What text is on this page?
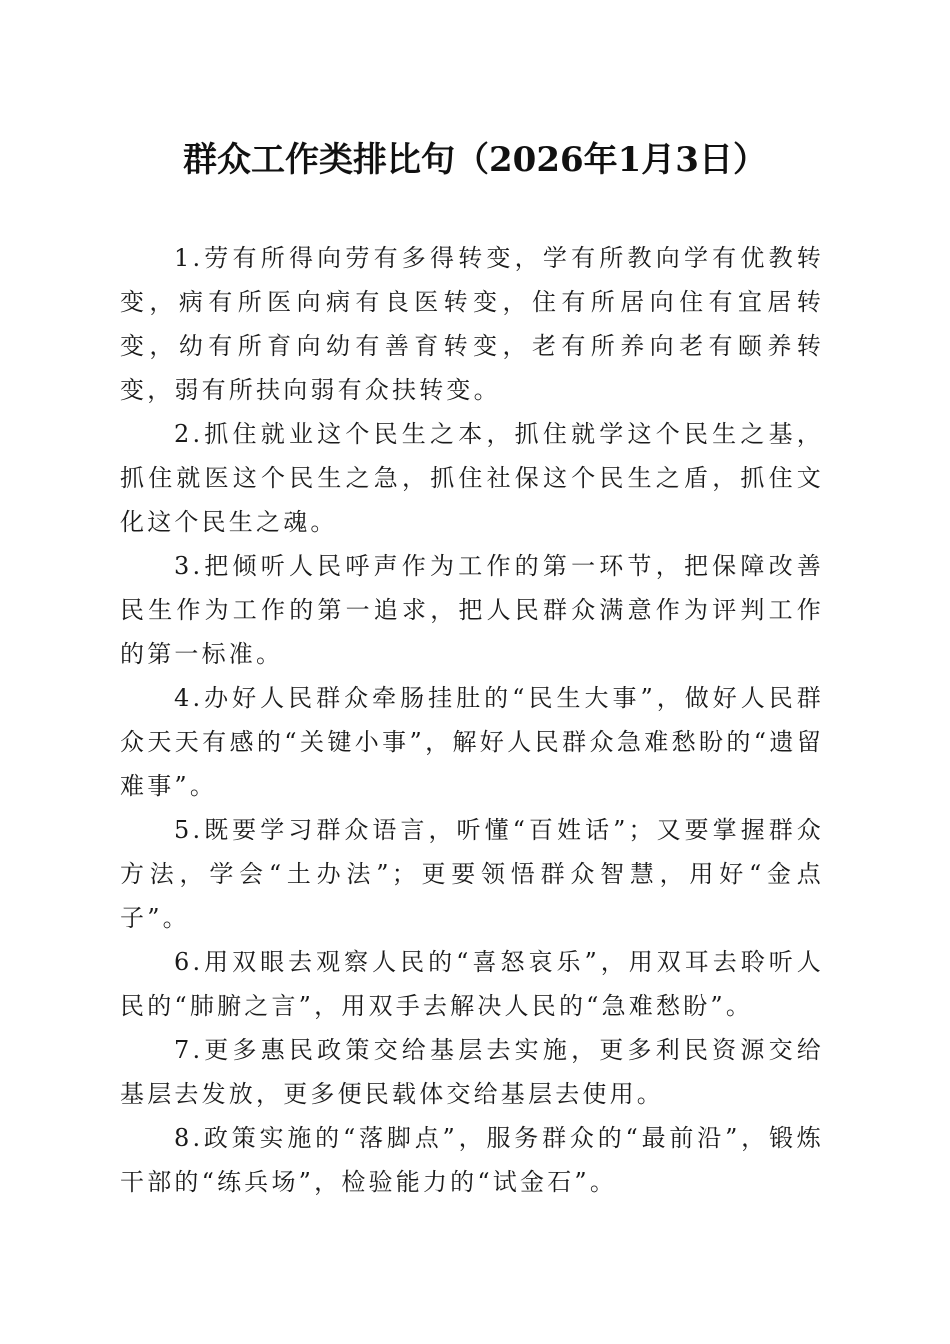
群众工作类排比句（2026年1月3日）

1.劳有所得向劳有多得转变，学有所教向学有优教转变，病有所医向病有良医转变，住有所居向住有宜居转变，幼有所育向幼有善育转变，老有所养向老有颐养转变，弱有所扶向弱有众扶转变。

2.抓住就业这个民生之本，抓住就学这个民生之基，抓住就医这个民生之急，抓住社保这个民生之盾，抓住文化这个民生之魂。

3.把倾听人民呼声作为工作的第一环节，把保障改善民生作为工作的第一追求，把人民群众满意作为评判工作的第一标准。

4.办好人民群众牵肠挂肚的“民生大事”，做好人民群众天天有感的“关键小事”，解好人民群众急难愁盼的“遗留难事”。

5.既要学习群众语言，听懂“百姓话”；又要掌握群众方法，学会“土办法”；更要领悟群众智慧，用好“金点子”。

6.用双眼去观察人民的“喜怒哀乐”，用双耳去聆听人民的“肺腑之言”，用双手去解决人民的“急难愁盼”。

7.更多惠民政策交给基层去实施，更多利民资源交给基层去发放，更多便民载体交给基层去使用。

8.政策实施的“落脚点”，服务群众的“最前沿”，锻炼干部的“练兵场”，检验能力的“试金石”。
